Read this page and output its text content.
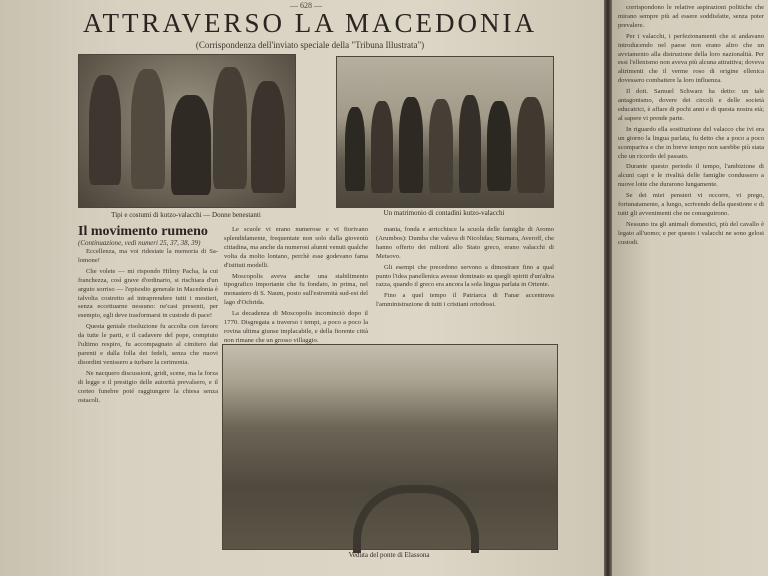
— 628 —
ATTRAVERSO LA MACEDONIA
(Corrispondenza dell'inviato speciale della "Tribuna Illustrata")
Tipi e costumi di kutzo-valacchi — Donne benestanti	Un matrimonio di contadini kutzo-valacchi
Il movimento rumeno
(Continuazione, vedi numeri 25, 37, 38, 39)

Eccellenza, ma voi ridestate la memoria di Sa-lomone!

Che volete — mi rispondo Hilmy Pacha, la cui franchezza, così grave d'ordinario, si rischiara d'un arguto sorriso — l'episodio generale in Macedonia è talvolta costretto ad intraprendere tutti i mestieri, senza eccettuarne nessuno: ne'casi presenti, per esempio, egli deve trasformarsi in custode di pace!

Questa geniale risoluzione fu accolta con favore da tutte le parti, e il cadavere del pope, compiuto l'ultimo respiro, fu accompagnato al cimitero dai parenti e dalla folla dei fedeli, senza che nuovi disordini venissero a turbare la cerimonia.

Ne nacquero discussioni, gridi, scene, ma la forza di legge e il prestigio delle autorità prevalsero, e il corteo funebre poté raggiungere la chiesa senza ostacoli.

Le scuole vi erano numerose e vi fiorivano splendidamente, frequentate non solo dalla gioventù cittadina, ma anche da numerosi alunni venuti qualche volta da molto lontano, perchè esse godevano fama d'istituti modelli.

Moscopolis aveva anche una stabilimento tipografico importante che fu fondato, in prima, nel monastero di S. Naum, posto sull'estremità sud-est del lago d'Ochrida.

La decadenza di Moscopolis incominciò dopo il 1770. Disgregata a traverso i tempi, a poco a poco la rovina ultima giunse implacabile, e della fiorente città non rimane che un grosso villaggio.

mania, fonda e arricchisce la scuola delle famiglie di Aromo (Arumbos): Dumba che valeva di Nicolidas; Sturnara, Averoff, che hanno offerto dei milioni allo Stato greco, erano valacchi di Metsovo.

Gli esempi che precedono servono a dimostrare fino a qual punto l'idea panellenica avesse dominato su quegli spiriti d'un'altra razza, quando il greco era ancora la sola lingua parlata in Oriente.

Fino a quel tempo il Patriarca di Fanar accentrava l'amministrazione di tutti i cristiani ortodossi.

Veduta del ponte di Elassona

corrispondono le relative aspirazioni politiche che mirano sempre più ad essere soddisfatte, senza poter prevalere.

Per i valacchi, i perfezionamenti che si andavano introducendo nel paese non erano altro che un avviamento alla distruzione della loro nazionalità. Per essi l'ellenismo non aveva più alcuna attrattiva; doveva altrimenti che il verme roso di origine ellenica dovessero combattere la loro influenza.

Il dott. Samuel Schwarz ha detto: un tale antagonismo, dovere dei circoli e delle società educatrici, è affare di pochi anni e di questa nostra età; al sapere vi prende parte.

In riguardo ella sostituzione del valacco che ivi era un giorno la lingua parlata, fu detto che a poco a poco scompariva e che in breve tempo non sarebbe più stata che un ricordo del passato.

Durante questo periodo il tempo, l'ambizione di alcuni capi e le rivalità delle famiglie condussero a nuove lotte che durarono lungamente.

Se dei miei pensieri vi occorre, vi prego, fortunatamente, a lungo, scrivendo della questione e di tutti gli avvenimenti che ne conseguirono.

Nessuno tra gli animali domestici, più del cavallo è legato all'uomo; e per questo i valacchi ne sono gelosi custodi.
